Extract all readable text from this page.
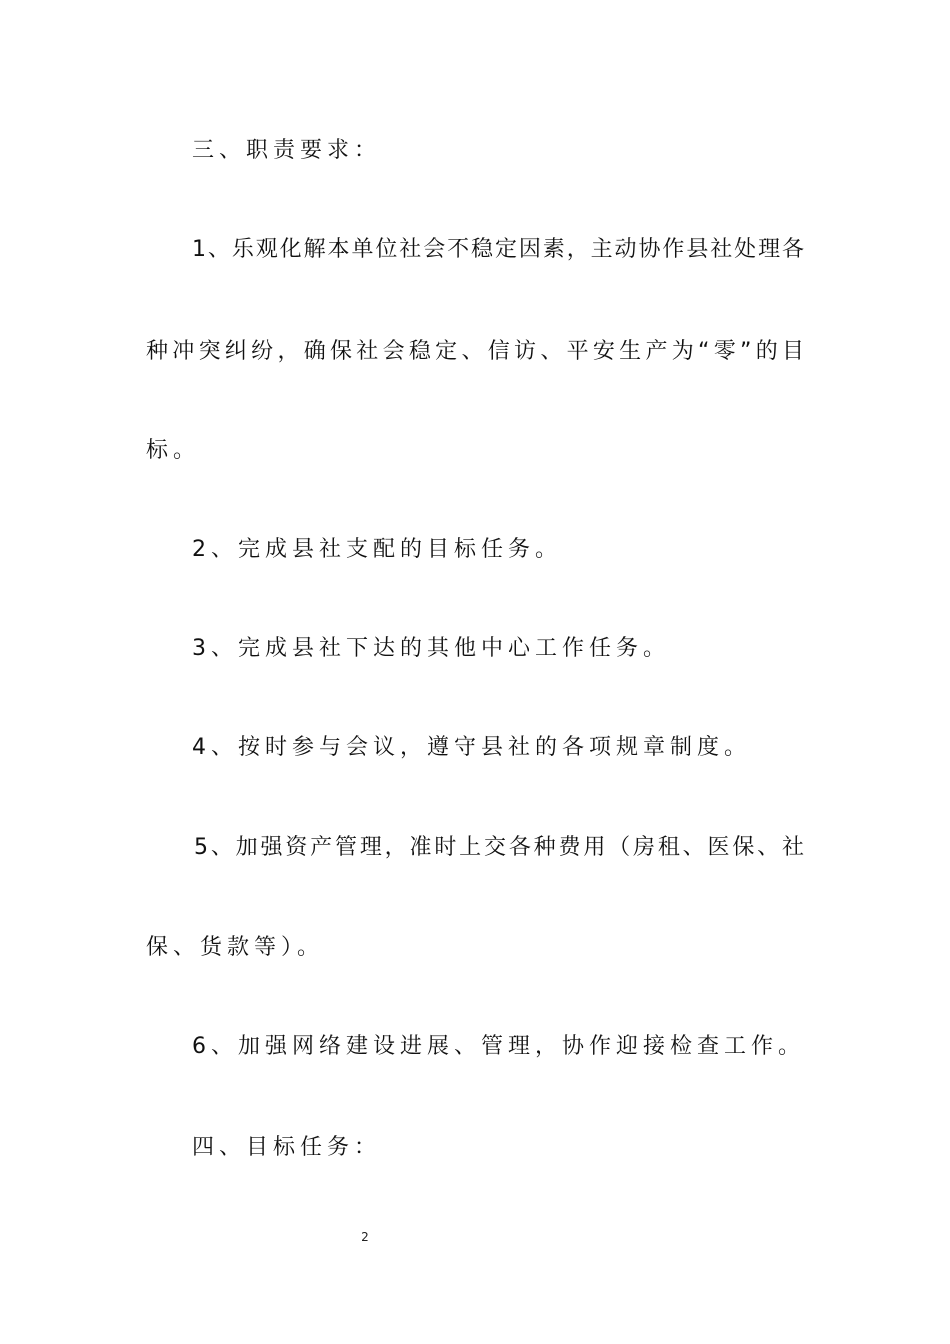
三、职责要求：
1、乐观化解本单位社会不稳定因素，主动协作县社处理各
种冲突纠纷，确保社会稳定、信访、平安生产为“零”的目
标。
2、完成县社支配的目标任务。
3、完成县社下达的其他中心工作任务。
4、按时参与会议，遵守县社的各项规章制度。
5、加强资产管理，准时上交各种费用（房租、医保、社
保、货款等）。
6、加强网络建设进展、管理，协作迎接检查工作。
四、目标任务：
2
